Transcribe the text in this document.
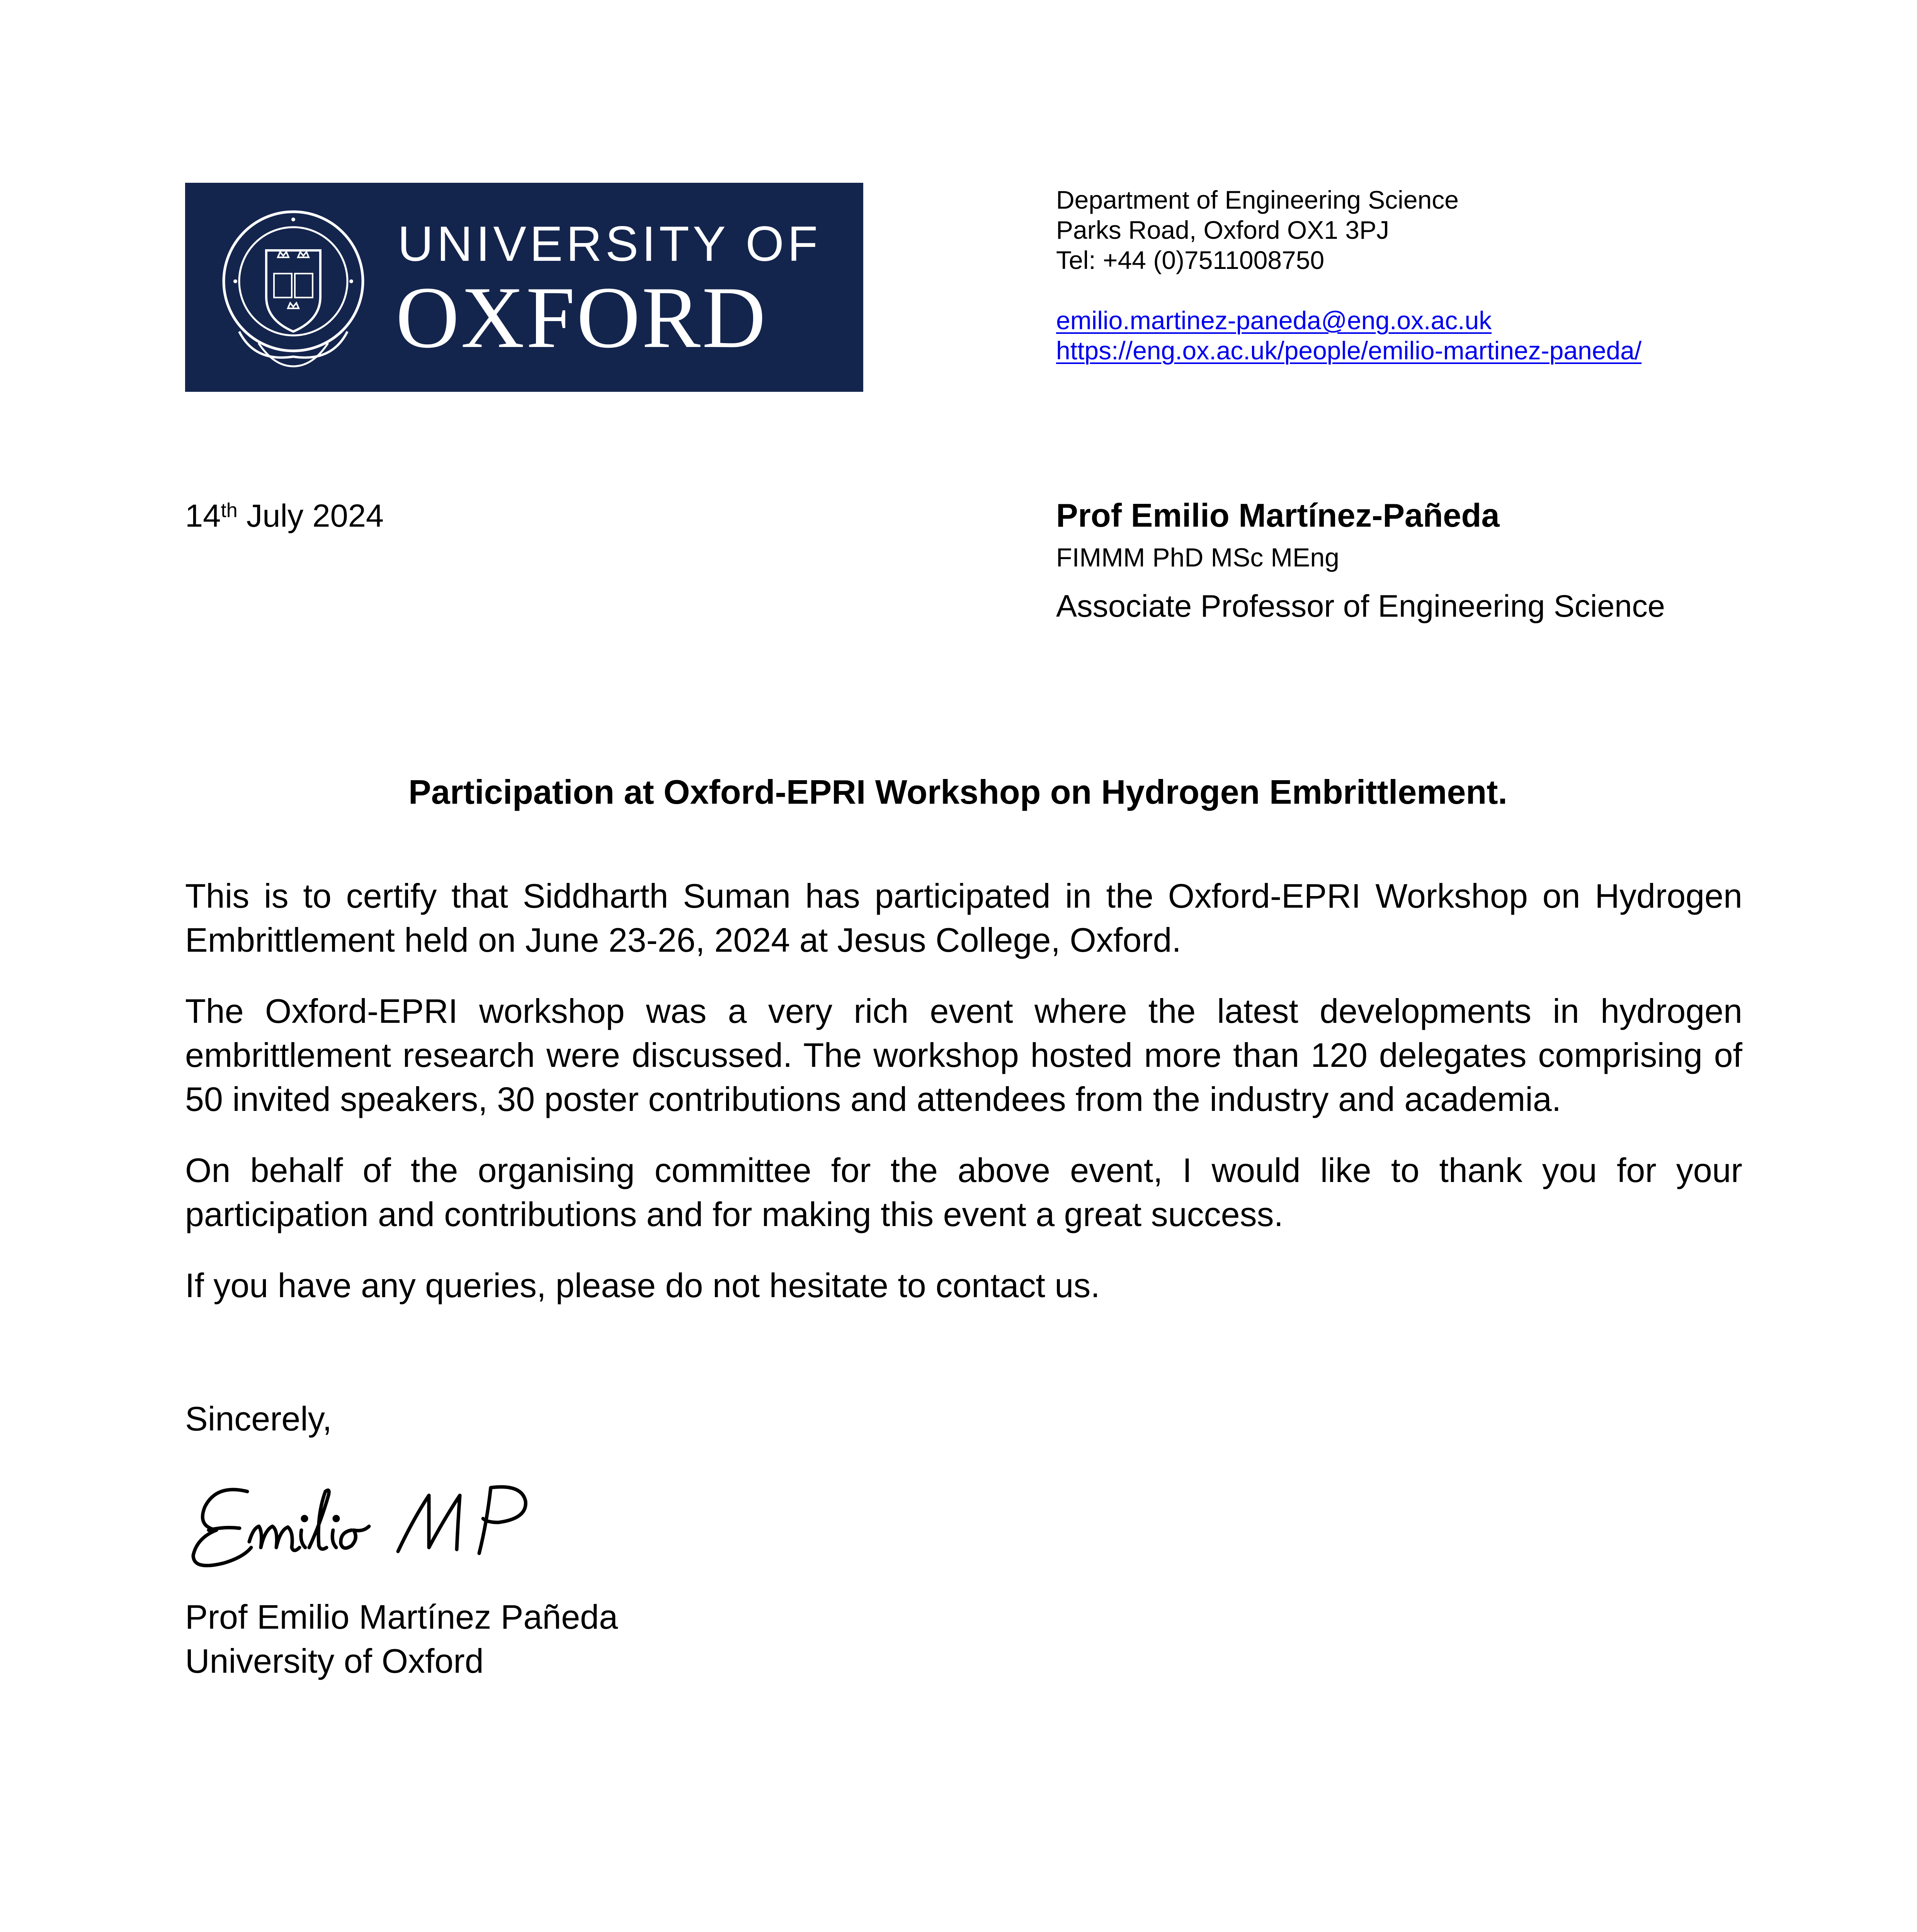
UNIVERSITY OF
OXFORD
Department of Engineering Science
Parks Road, Oxford OX1 3PJ
Tel: +44 (0)7511008750
emilio.martinez-paneda@eng.ox.ac.uk
https://eng.ox.ac.uk/people/emilio-martinez-paneda/
14th July 2024	Prof Emilio Martínez-Pañeda
FIMMM PhD MSc MEng
Associate Professor of Engineering Science
Participation at Oxford-EPRI Workshop on Hydrogen Embrittlement.

This is to certify that Siddharth Suman has participated in the Oxford-EPRI Workshop on Hydrogen Embrittlement held on June 23-26, 2024 at Jesus College, Oxford.

The Oxford-EPRI workshop was a very rich event where the latest developments in hydrogen embrittlement research were discussed. The workshop hosted more than 120 delegates comprising of 50 invited speakers, 30 poster contributions and attendees from the industry and academia.

On behalf of the organising committee for the above event, I would like to thank you for your participation and contributions and for making this event a great success.

If you have any queries, please do not hesitate to contact us.

Sincerely,
Prof Emilio Martínez Pañeda
University of Oxford
